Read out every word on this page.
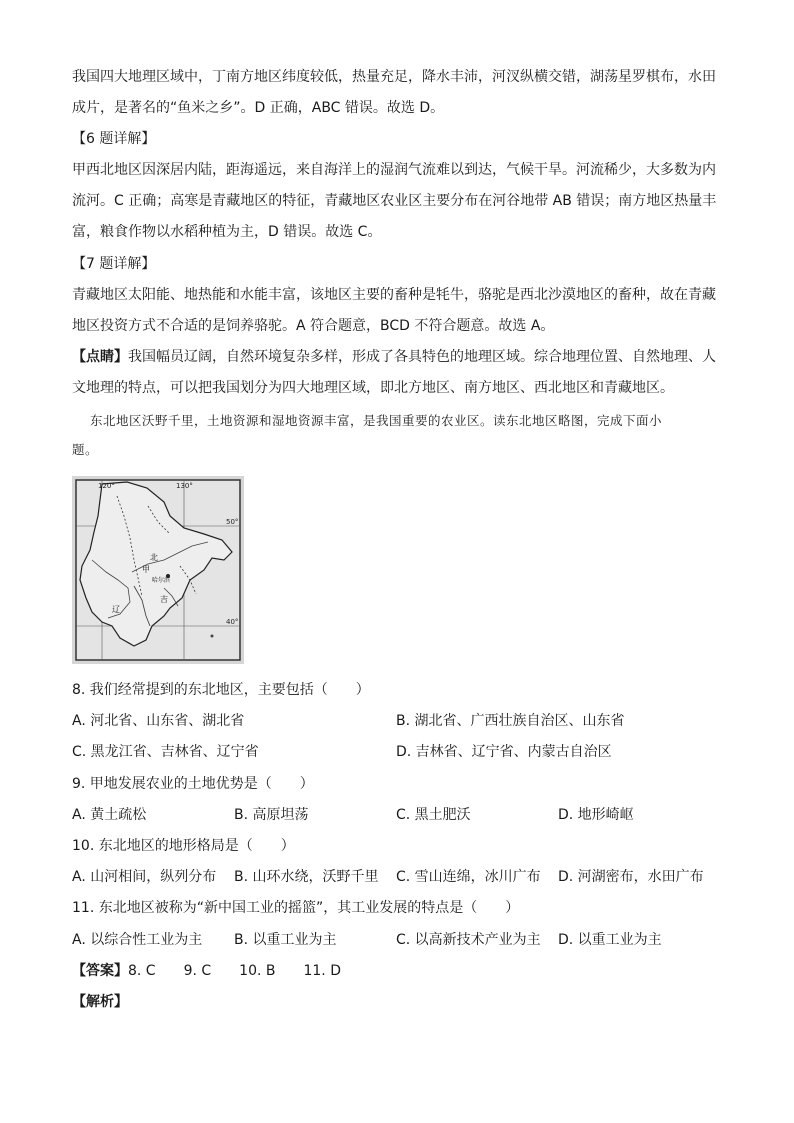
我国四大地理区域中，丁南方地区纬度较低，热量充足，降水丰沛，河汊纵横交错，湖荡星罗棋布，水田
成片，是著名的“鱼米之乡”。D 正确，ABC 错误。故选 D。
【6 题详解】
甲西北地区因深居内陆，距海遥远，来自海洋上的湿润气流难以到达，气候干旱。河流稀少，大多数为内
流河。C 正确；高寒是青藏地区的特征，青藏地区农业区主要分布在河谷地带 AB 错误；南方地区热量丰
富，粮食作物以水稻种植为主，D 错误。故选 C。
【7 题详解】
青藏地区太阳能、地热能和水能丰富，该地区主要的畜种是牦牛，骆驼是西北沙漠地区的畜种，故在青藏
地区投资方式不合适的是饲养骆驼。A 符合题意，BCD 不符合题意。故选 A。
【点睛】我国幅员辽阔，自然环境复杂多样，形成了各具特色的地理区域。综合地理位置、自然地理、人
文地理的特点，可以把我国划分为四大地理区域，即北方地区、南方地区、西北地区和青藏地区。
东北地区沃野千里，土地资源和湿地资源丰富，是我国重要的农业区。读东北地区略图，完成下面小
题。
120°	130°
50°
40°
北
甲
哈尔滨
吉
辽
8. 我们经常提到的东北地区，主要包括（　　）
A. 河北省、山东省、湖北省	B. 湖北省、广西壮族自治区、山东省
C. 黑龙江省、吉林省、辽宁省	D. 吉林省、辽宁省、内蒙古自治区
9. 甲地发展农业的土地优势是（　　）
A. 黄土疏松	B. 高原坦荡	C. 黑土肥沃	D. 地形崎岖
10. 东北地区的地形格局是（　　）
A. 山河相间，纵列分布 B. 山环水绕，沃野千里 C. 雪山连绵，冰川广布 D. 河湖密布，水田广布
11. 东北地区被称为“新中国工业的摇篮”，其工业发展的特点是（　　）
A. 以综合性工业为主 B. 以重工业为主	C. 以高新技术产业为主 D. 以重工业为主
【答案】8. C　　9. C　　10. B　　11. D
【解析】
